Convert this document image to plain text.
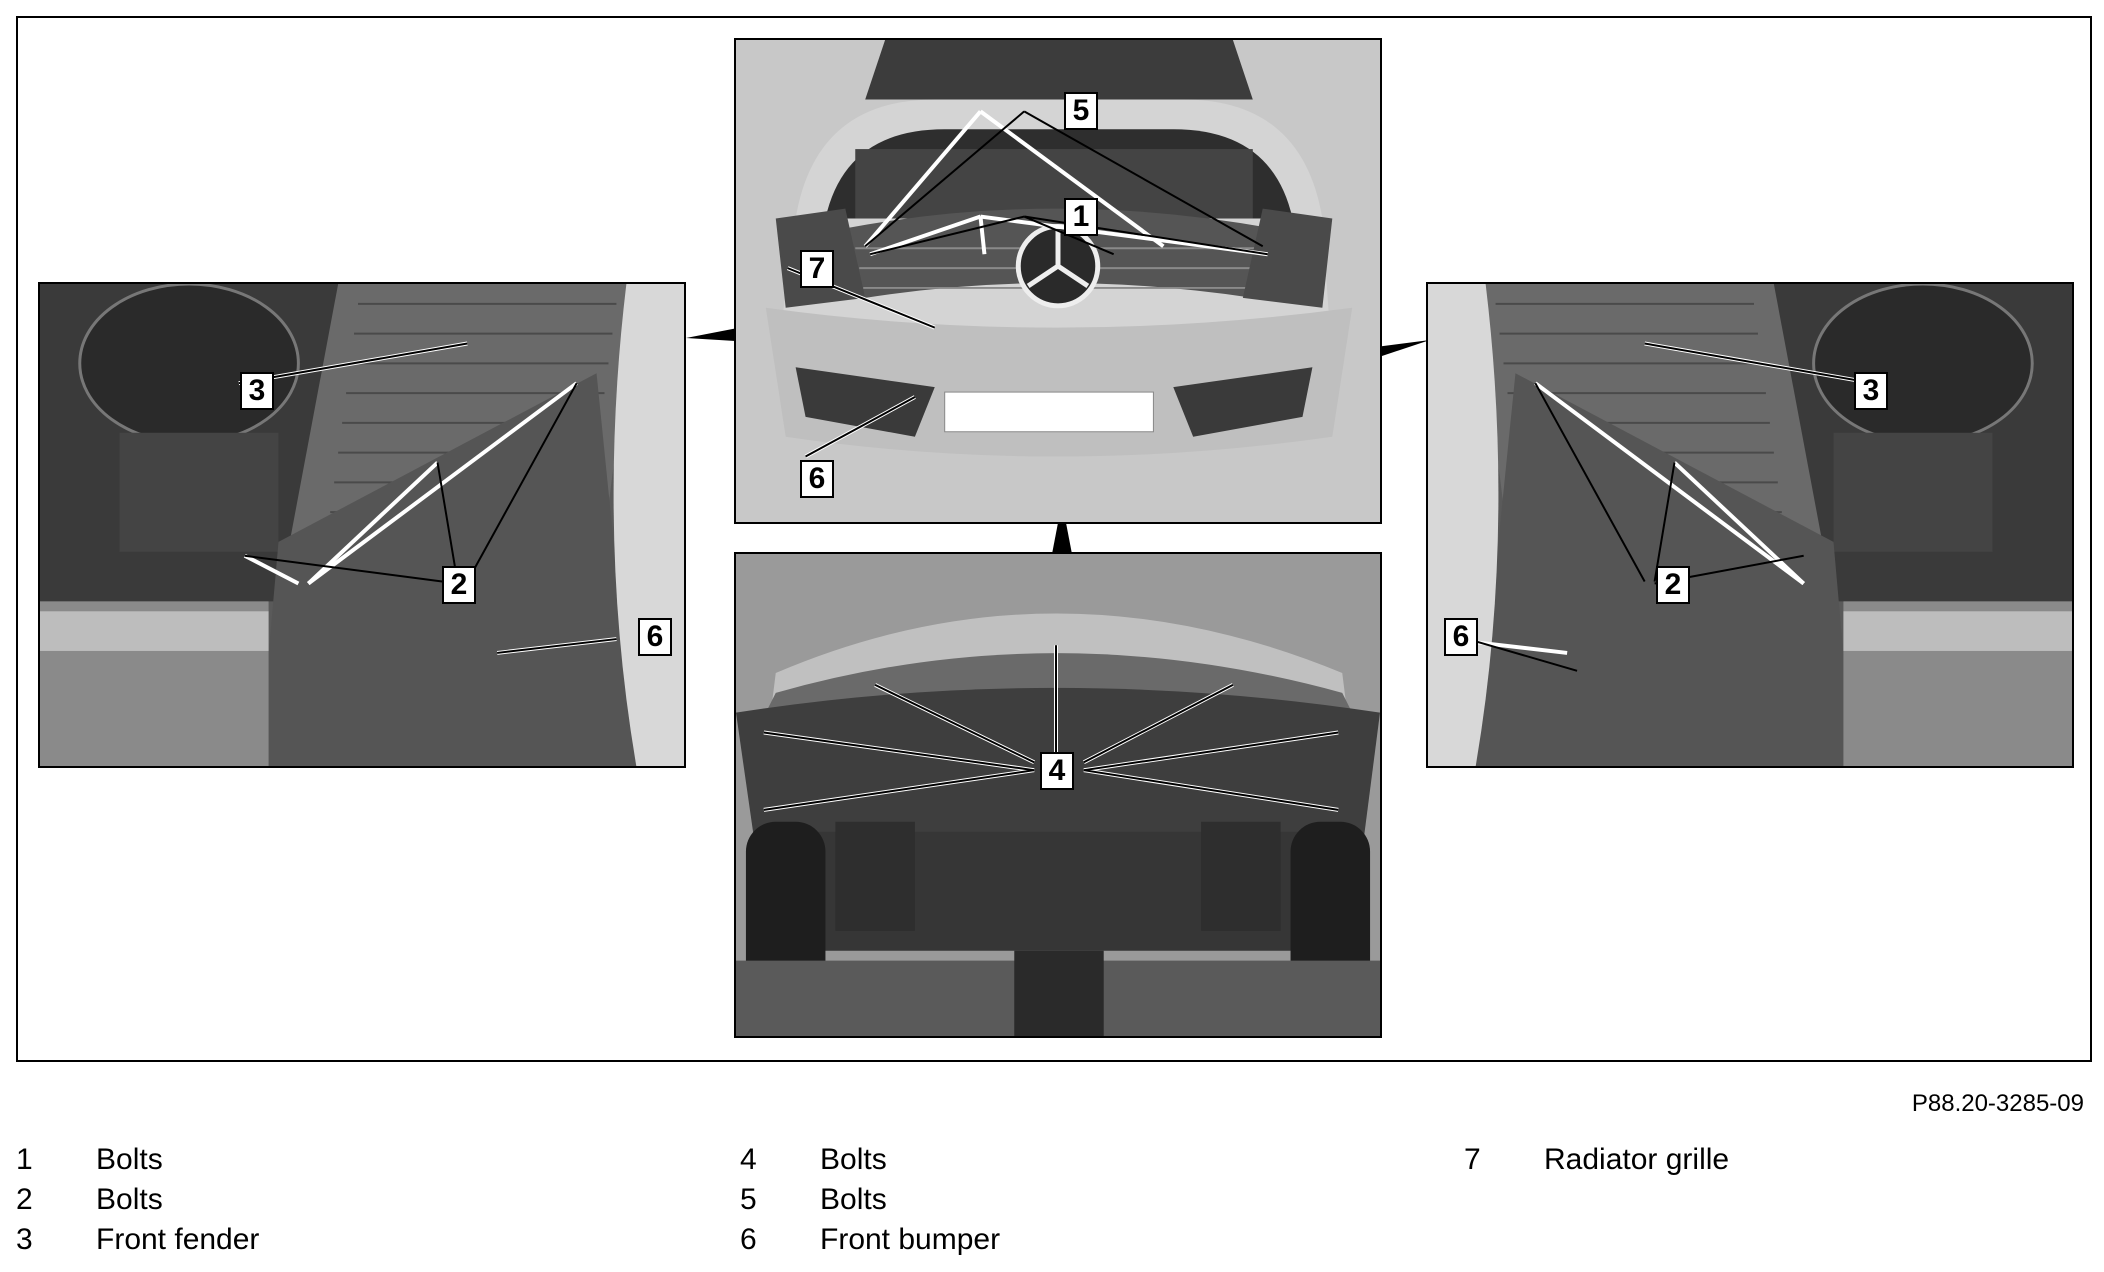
3
2
6
5
1
7
6
4
3
2
6
P88.20-3285-09
1	Bolts
2	Bolts
3	Front fender
4	Bolts
5	Bolts
6	Front bumper
7	Radiator grille
